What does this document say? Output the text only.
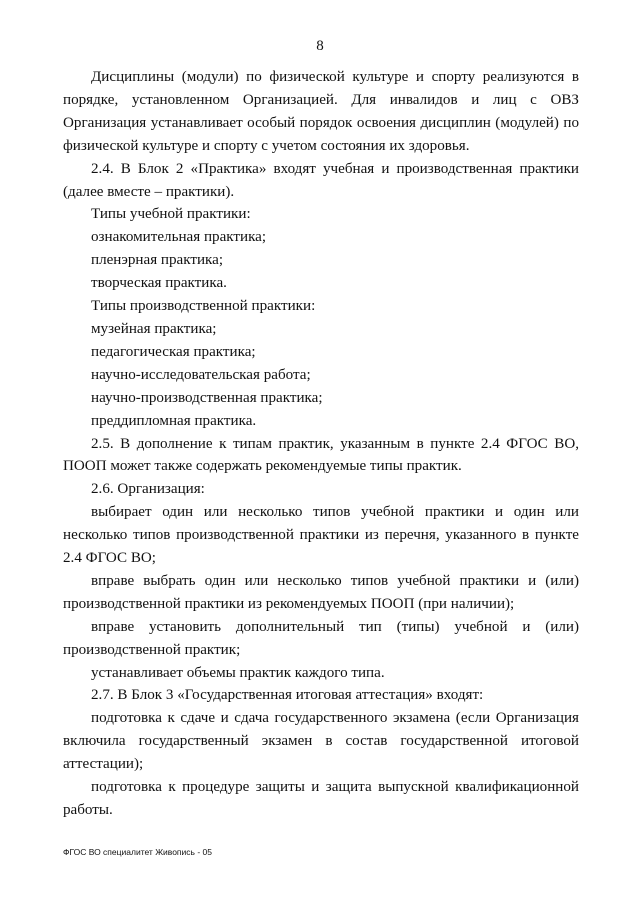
8

Дисциплины (модули) по физической культуре и спорту реализуются в порядке, установленном Организацией. Для инвалидов и лиц с ОВЗ Организация устанавливает особый порядок освоения дисциплин (модулей) по физической культуре и спорту с учетом состояния их здоровья.

2.4. В Блок 2 «Практика» входят учебная и производственная практики (далее вместе – практики).

Типы учебной практики:

ознакомительная практика;

пленэрная практика;

творческая практика.

Типы производственной практики:

музейная практика;

педагогическая практика;

научно-исследовательская работа;

научно-производственная практика;

преддипломная практика.

2.5. В дополнение к типам практик, указанным в пункте 2.4 ФГОС ВО, ПООП может также содержать рекомендуемые типы практик.

2.6. Организация:

выбирает один или несколько типов учебной практики и один или несколько типов производственной практики из перечня, указанного в пункте 2.4 ФГОС ВО;

вправе выбрать один или несколько типов учебной практики и (или) производственной практики из рекомендуемых ПООП (при наличии);

вправе установить дополнительный тип (типы) учебной и (или) производственной практик;

устанавливает объемы практик каждого типа.

2.7. В Блок 3 «Государственная итоговая аттестация» входят:

подготовка к сдаче и сдача государственного экзамена (если Организация включила государственный экзамен в состав государственной итоговой аттестации);

подготовка к процедуре защиты и защита выпускной квалификационной работы.

ФГОС ВО специалитет Живопись - 05
